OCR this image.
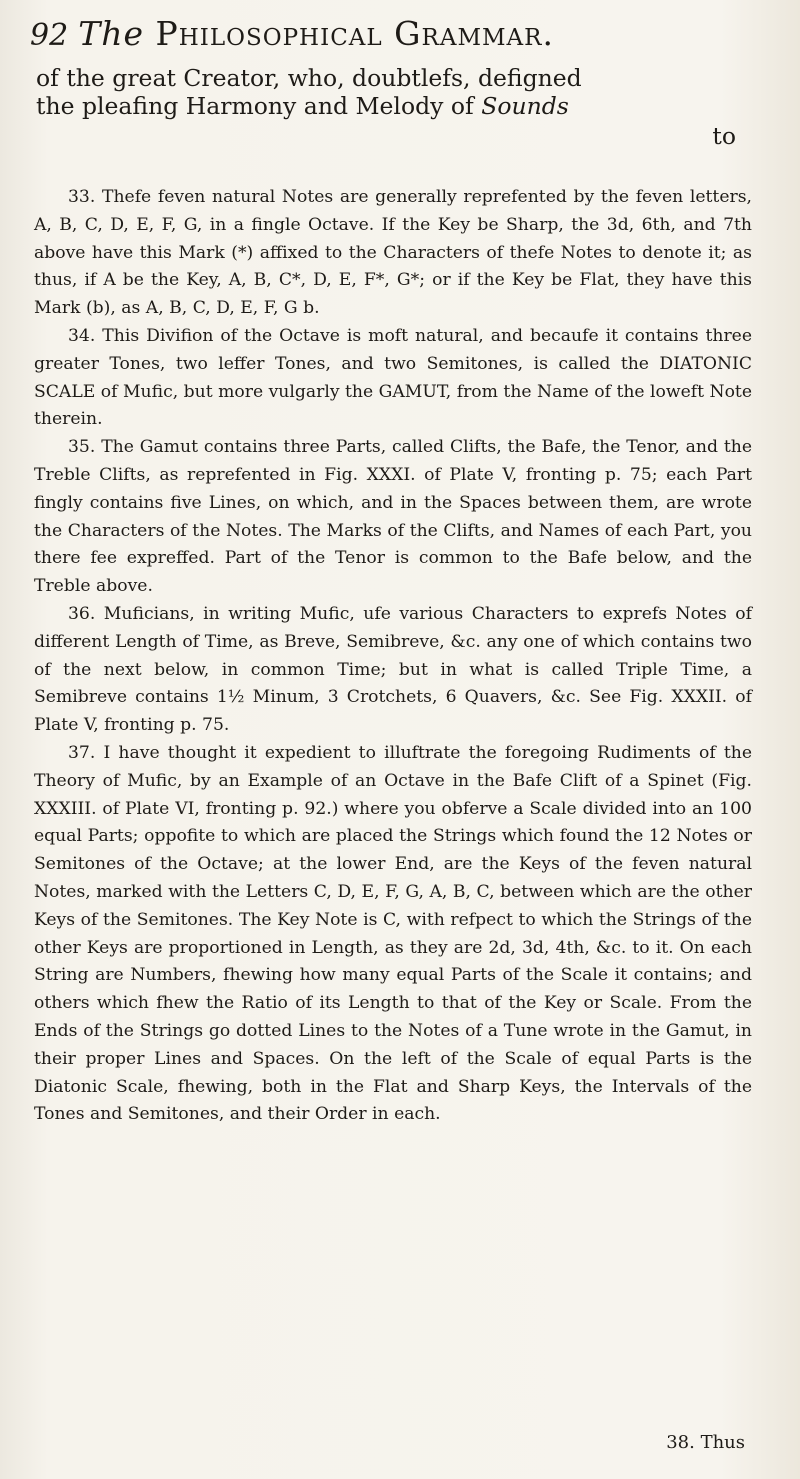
92 The Philosophical Grammar.
of the great Creator, who, doubtlefs, defigned
the pleafing Harmony and Melody of Sounds
to

33. Thefe feven natural Notes are generally reprefented by the feven letters, A, B, C, D, E, F, G, in a fingle Octave. If the Key be Sharp, the 3d, 6th, and 7th above have this Mark (*) affixed to the Characters of thefe Notes to denote it; as thus, if A be the Key, A, B, C*, D, E, F*, G*; or if the Key be Flat, they have this Mark (b), as A, B, C, D, E, F, G b.

34. This Divifion of the Octave is moft natural, and becaufe it contains three greater Tones, two leffer Tones, and two Semitones, is called the DIATONIC SCALE of Mufic, but more vulgarly the GAMUT, from the Name of the loweft Note therein.

35. The Gamut contains three Parts, called Clifts, the Bafe, the Tenor, and the Treble Clifts, as reprefented in Fig. XXXI. of Plate V, fronting p. 75; each Part fingly contains five Lines, on which, and in the Spaces between them, are wrote the Characters of the Notes. The Marks of the Clifts, and Names of each Part, you there fee expreffed. Part of the Tenor is common to the Bafe below, and the Treble above.

36. Muficians, in writing Mufic, ufe various Characters to exprefs Notes of different Length of Time, as Breve, Semibreve, &c. any one of which contains two of the next below, in common Time; but in what is called Triple Time, a Semibreve contains 1½ Minum, 3 Crotchets, 6 Quavers, &c. See Fig. XXXII. of Plate V, fronting p. 75.

37. I have thought it expedient to illuftrate the foregoing Rudiments of the Theory of Mufic, by an Example of an Octave in the Bafe Clift of a Spinet (Fig. XXXIII. of Plate VI, fronting p. 92.) where you obferve a Scale divided into an 100 equal Parts; oppofite to which are placed the Strings which found the 12 Notes or Semitones of the Octave; at the lower End, are the Keys of the feven natural Notes, marked with the Letters C, D, E, F, G, A, B, C, between which are the other Keys of the Semitones. The Key Note is C, with refpect to which the Strings of the other Keys are proportioned in Length, as they are 2d, 3d, 4th, &c. to it. On each String are Numbers, fhewing how many equal Parts of the Scale it contains; and others which fhew the Ratio of its Length to that of the Key or Scale. From the Ends of the Strings go dotted Lines to the Notes of a Tune wrote in the Gamut, in their proper Lines and Spaces. On the left of the Scale of equal Parts is the Diatonic Scale, fhewing, both in the Flat and Sharp Keys, the Intervals of the Tones and Semitones, and their Order in each.

38. Thus
